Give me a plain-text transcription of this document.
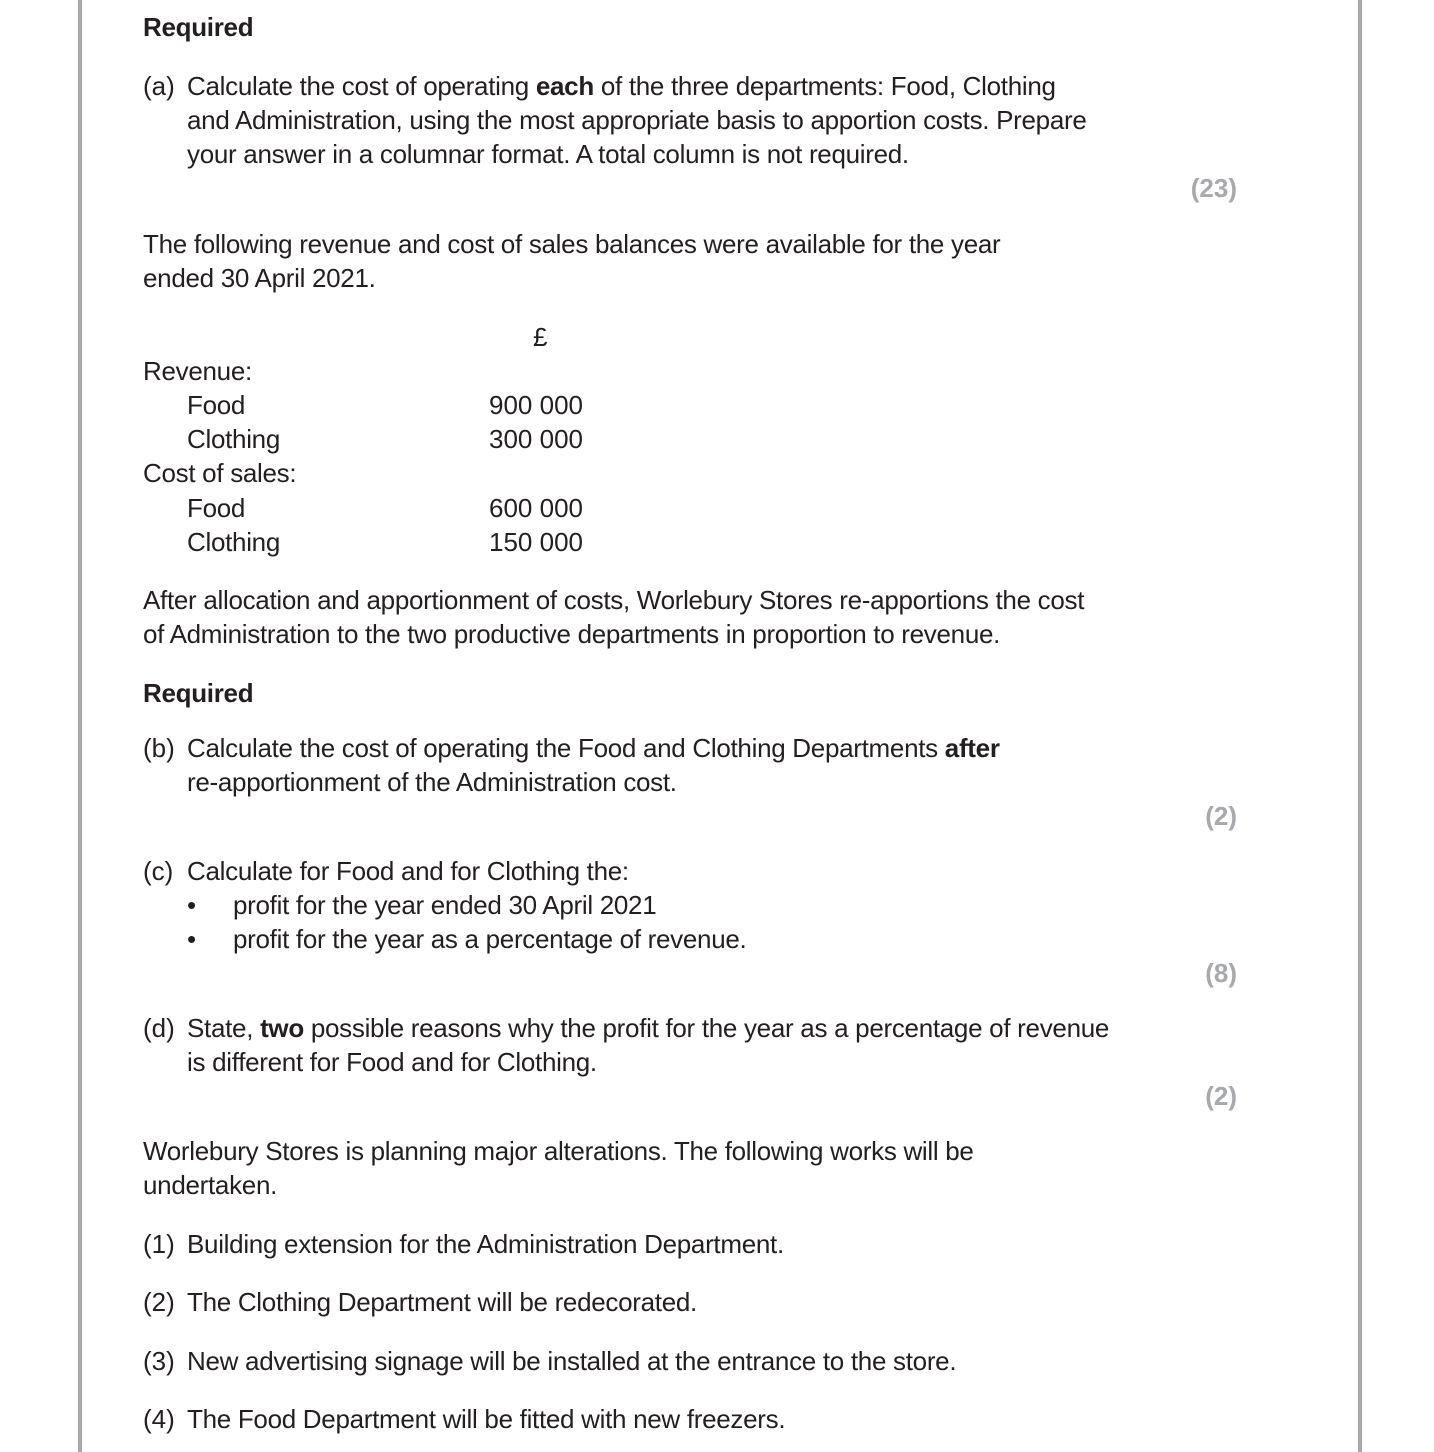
Required
(a) Calculate the cost of operating each of the three departments: Food, Clothing
and Administration, using the most appropriate basis to apportion costs. Prepare
your answer in a columnar format. A total column is not required.
(23)
The following revenue and cost of sales balances were available for the year
ended 30 April 2021.
£
Revenue:
Food	900 000
Clothing	300 000
Cost of sales:
Food	600 000
Clothing	150 000
After allocation and apportionment of costs, Worlebury Stores re-apportions the cost
of Administration to the two productive departments in proportion to revenue.
Required
(b) Calculate the cost of operating the Food and Clothing Departments after
re-apportionment of the Administration cost.
(2)
(c) Calculate for Food and for Clothing the:
• profit for the year ended 30 April 2021
• profit for the year as a percentage of revenue.
(8)
(d) State, two possible reasons why the profit for the year as a percentage of revenue
is different for Food and for Clothing.
(2)
Worlebury Stores is planning major alterations. The following works will be
undertaken.
(1) Building extension for the Administration Department.
(2) The Clothing Department will be redecorated.
(3) New advertising signage will be installed at the entrance to the store.
(4) The Food Department will be fitted with new freezers.
